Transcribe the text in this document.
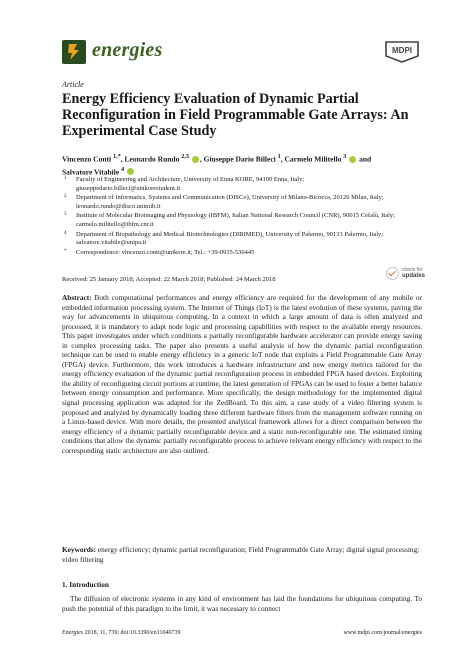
energies	MDPI
Article
Energy Efficiency Evaluation of Dynamic Partial Reconfiguration in Field Programmable Gate Arrays: An Experimental Case Study
Vincenzo Conti $^{1,*}$, Leonardo Rundo $^{2,3}$ , Giuseppe Dario Billeci $^1$, Carmelo Militello $^3$ and
Salvatore Vitabile $^4$
1 Faculty of Engineering and Architecture, University of Enna KORE, 94100 Enna, Italy; giuseppedario.billeci@unikorestudent.it
2 Department of Informatics, Systems and Communication (DISCo), University of Milano-Bicocca, 20126 Milan, Italy; leonardo.rundo@disco.unimib.it
3 Institute of Molecular Bioimaging and Physiology (IBFM), Italian National Research Council (CNR), 90015 Cefalù, Italy; carmelo.militello@ibfm.cnr.it
4 Department of Biopathology and Medical Biotechnologies (DIBIMED), University of Palermo, 90133 Palermo, Italy; salvatore.vitabile@unipa.it
* Correspondence: vincenzo.conti@unikore.it; Tel.: +39-0935-536445
Received: 25 January 2018; Accepted: 22 March 2018; Published: 24 March 2018
check for
updates

Abstract: Both computational performances and energy efficiency are required for the development of any mobile or embedded information processing system. The Internet of Things (IoT) is the latest evolution of these systems, paving the way for advancements in ubiquitous computing. In a context in which a large amount of data is often analyzed and processed, it is mandatory to adapt node logic and processing capabilities with respect to the available energy resources. This paper investigates under which conditions a partially reconfigurable hardware accelerator can provide energy saving in complex processing tasks. The paper also presents a useful analysis of how the dynamic partial reconfiguration technique can be used to enable energy efficiency in a generic IoT node that exploits a Field Programmable Gate Array (FPGA) device. Furthermore, this work introduces a hardware infrastructure and new energy metrics tailored for the energy efficiency evaluation of the dynamic partial reconfiguration process in embedded FPGA based devices. Exploiting the ability of reconfiguring circuit portions at runtime, the latest generation of FPGAs can be used to foster a better balance between energy consumption and performance. More specifically, the design methodology for the implemented digital signal processing application was adapted for the ZedBoard. To this aim, a case study of a video filtering system is proposed and analyzed by dynamically loading three different hardware filters from the management software running on a Linux-based device. With more details, the presented analytical framework allows for a direct comparison between the energy efficiency of a dynamic partially reconfigurable device and a static non-reconfigurable one. The estimated timing conditions that allow the dynamic partially reconfigurable process to achieve relevant energy efficiency with respect to the corresponding static architecture are also outlined.

Keywords: energy efficiency; dynamic partial reconfiguration; Field Programmable Gate Array; digital signal processing; video filtering
1. Introduction

The diffusion of electronic systems in any kind of environment has laid the foundations for ubiquitous computing. To push the potential of this paradigm to the limit, it was necessary to connect

Energies 2018, 11, 739; doi:10.3390/en11040739	www.mdpi.com/journal/energies
